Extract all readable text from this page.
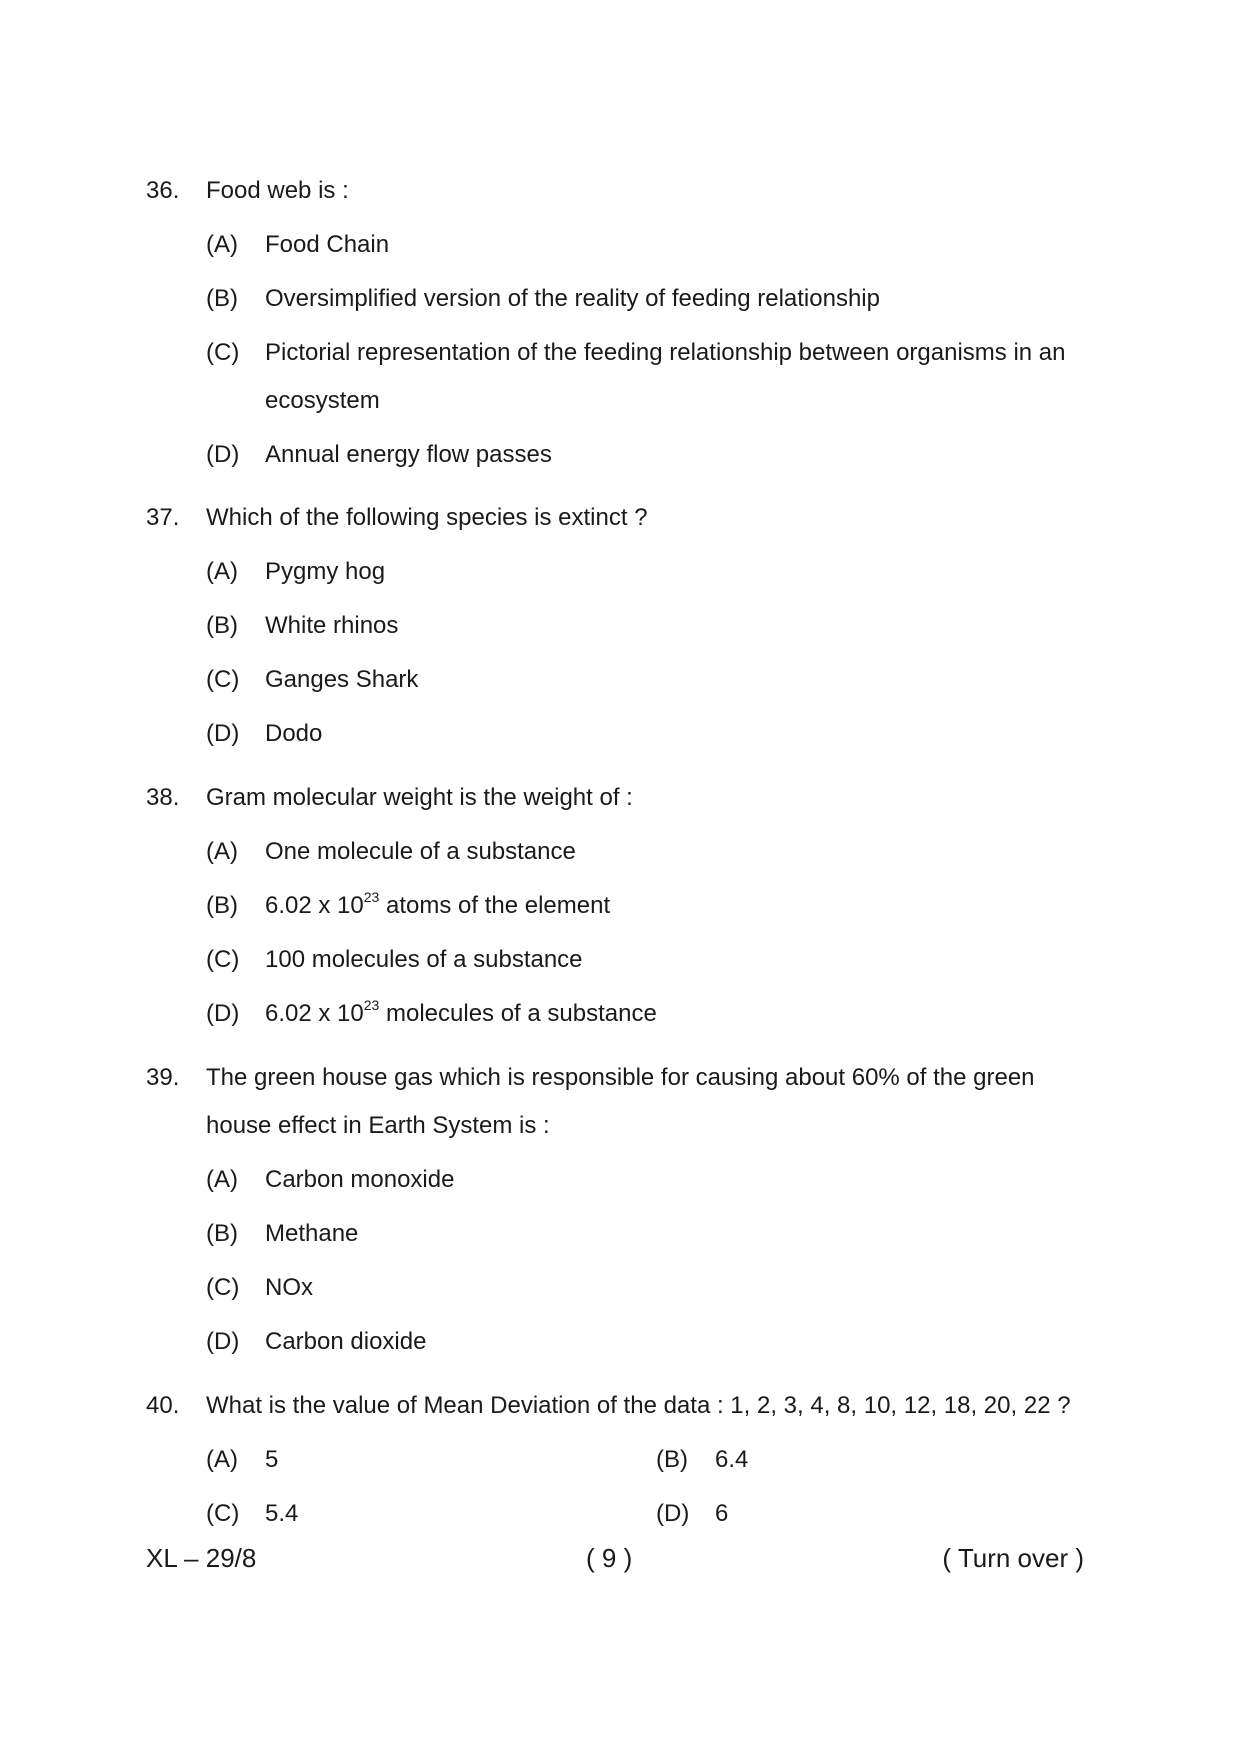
36.	Food web is :
(A)	Food Chain
(B)	Oversimplified version of the reality of feeding relationship
(C)	Pictorial representation of the feeding relationship between organisms in an ecosystem
(D)	Annual energy flow passes
37.	Which of the following species is extinct ?
(A)	Pygmy hog
(B)	White rhinos
(C)	Ganges Shark
(D)	Dodo
38.	Gram molecular weight is the weight of :
(A)	One molecule of a substance
(B)	6.02 x $10^{23}$ atoms of the element
(C)	100 molecules of a substance
(D)	6.02 x $10^{23}$ molecules of a substance
39.	The green house gas which is responsible for causing about 60% of the green house effect in Earth System is :
(A)	Carbon monoxide
(B)	Methane
(C)	NOx
(D)	Carbon dioxide
40.	What is the value of Mean Deviation of the data : 1, 2, 3, 4, 8, 10, 12, 18, 20, 22 ?
(A)	5	(B)	6.4
(C)	5.4	(D)	6
XL – 29/8	( 9 )	( Turn over )
